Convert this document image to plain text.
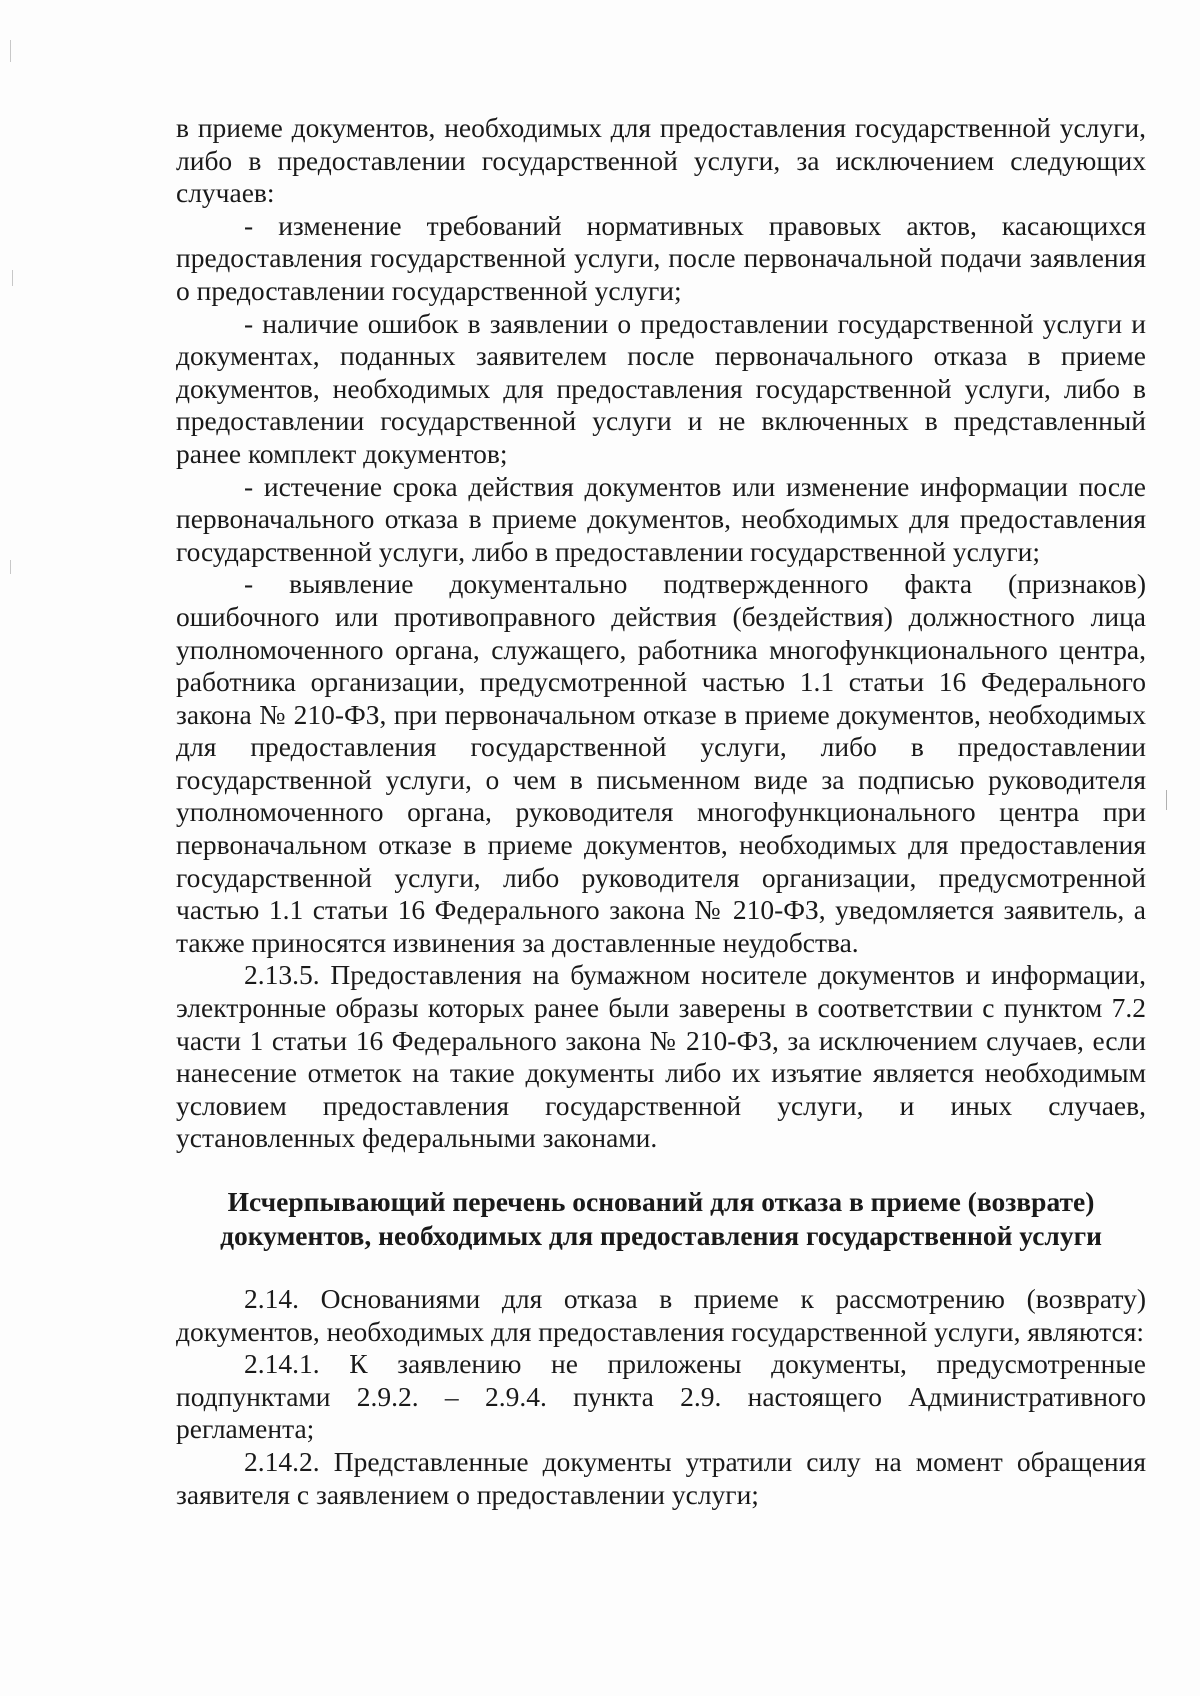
в приеме документов, необходимых для предоставления государственной услуги, либо в предоставлении государственной услуги, за исключением следующих случаев:

- изменение требований нормативных правовых актов, касающихся предоставления государственной услуги, после первоначальной подачи заявления о предоставлении государственной услуги;

- наличие ошибок в заявлении о предоставлении государственной услуги и документах, поданных заявителем после первоначального отказа в приеме документов, необходимых для предоставления государственной услуги, либо в предоставлении государственной услуги и не включенных в представленный ранее комплект документов;

- истечение срока действия документов или изменение информации после первоначального отказа в приеме документов, необходимых для предоставления государственной услуги, либо в предоставлении государственной услуги;

- выявление документально подтвержденного факта (признаков) ошибочного или противоправного действия (бездействия) должностного лица уполномоченного органа, служащего, работника многофункционального центра, работника организации, предусмотренной частью 1.1 статьи 16 Федерального закона № 210-ФЗ, при первоначальном отказе в приеме документов, необходимых для предоставления государственной услуги, либо в предоставлении государственной услуги, о чем в письменном виде за подписью руководителя уполномоченного органа, руководителя многофункционального центра при первоначальном отказе в приеме документов, необходимых для предоставления государственной услуги, либо руководителя организации, предусмотренной частью 1.1 статьи 16 Федерального закона № 210-ФЗ, уведомляется заявитель, а также приносятся извинения за доставленные неудобства.

2.13.5. Предоставления на бумажном носителе документов и информации, электронные образы которых ранее были заверены в соответствии с пунктом 7.2 части 1 статьи 16 Федерального закона № 210-ФЗ, за исключением случаев, если нанесение отметок на такие документы либо их изъятие является необходимым условием предоставления государственной услуги, и иных случаев, установленных федеральными законами.

Исчерпывающий перечень оснований для отказа в приеме (возврате)
документов, необходимых для предоставления государственной услуги

2.14. Основаниями для отказа в приеме к рассмотрению (возврату) документов, необходимых для предоставления государственной услуги, являются:

2.14.1. К заявлению не приложены документы, предусмотренные подпунктами 2.9.2. – 2.9.4. пункта 2.9. настоящего Административного регламента;

2.14.2. Представленные документы утратили силу на момент обращения заявителя с заявлением о предоставлении услуги;
